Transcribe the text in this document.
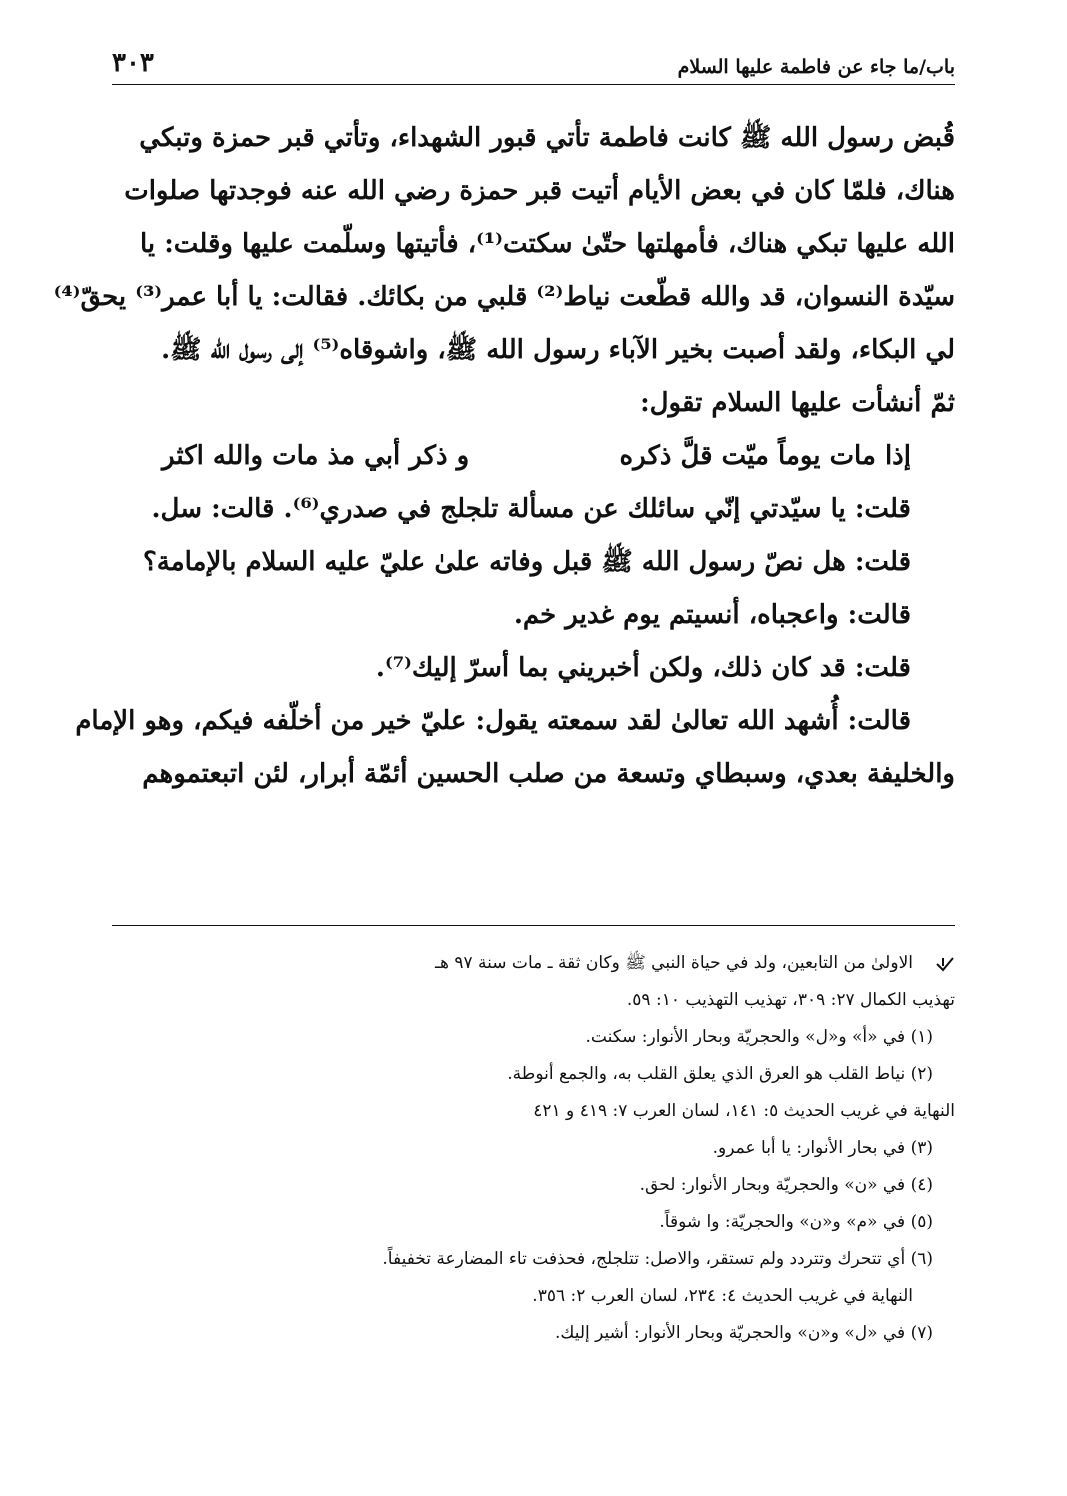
باب/ما جاء عن فاطمة عليها السلام
٣٠٣
قُبض رسول الله ﷺ كانت فاطمة تأتي قبور الشهداء، وتأتي قبر حمزة وتبكي
هناك، فلمّا كان في بعض الأيام أتيت قبر حمزة رضي الله عنه فوجدتها صلوات
الله عليها تبكي هناك، فأمهلتها حتّىٰ سكتت⁽¹⁾، فأتيتها وسلّمت عليها وقلت: يا
سيّدة النسوان، قد والله قطّعت نياط⁽²⁾ قلبي من بكائك. فقالت: يا أبا عمر⁽³⁾ يحقّ⁽⁴⁾
لي البكاء، ولقد أصبت بخير الآباء رسول الله ﷺ، واشوقاه⁽⁵⁾ إلى رسول الله ﷺ.
ثمّ أنشأت عليها السلام تقول:
إذا مات يوماً ميّت قلَّ ذكره
و ذكر أبي مذ مات والله اكثر
قلت: يا سيّدتي إنّي سائلك عن مسألة تلجلج في صدري⁽⁶⁾. قالت: سل.
قلت: هل نصّ رسول الله ﷺ قبل وفاته علىٰ عليّ عليه السلام بالإمامة؟
قالت: واعجباه، أنسيتم يوم غدير خم.
قلت: قد كان ذلك، ولكن أخبريني بما أسرّ إليك⁽⁷⁾.
قالت: أُشهد الله تعالىٰ لقد سمعته يقول: عليّ خير من أخلّفه فيكم، وهو الإمام
والخليفة بعدي، وسبطاي وتسعة من صلب الحسين أئمّة أبرار، لئن اتبعتموهم
الاولىٰ من التابعين، ولد في حياة النبي ﷺ وكان ثقة ـ مات سنة ٩٧ هـ
تهذيب الكمال ٢٧: ٣٠٩، تهذيب التهذيب ١٠: ٥٩.
(١) في «أ» و«ل» والحجريّة وبحار الأنوار: سكنت.
(٢) نياط القلب هو العرق الذي يعلق القلب به، والجمع أنوطة.
النهاية في غريب الحديث ٥: ١٤١، لسان العرب ٧: ٤١٩ و ٤٢١
(٣) في بحار الأنوار: يا أبا عمرو.
(٤) في «ن» والحجريّة وبحار الأنوار: لحق.
(٥) في «م» و«ن» والحجريّة: وا شوقاً.
(٦) أي تتحرك وتتردد ولم تستقر، والاصل: تتلجلج، فحذفت تاء المضارعة تخفيفاً.
النهاية في غريب الحديث ٤: ٢٣٤، لسان العرب ٢: ٣٥٦.
(٧) في «ل» و«ن» والحجريّة وبحار الأنوار: أشير إليك.
